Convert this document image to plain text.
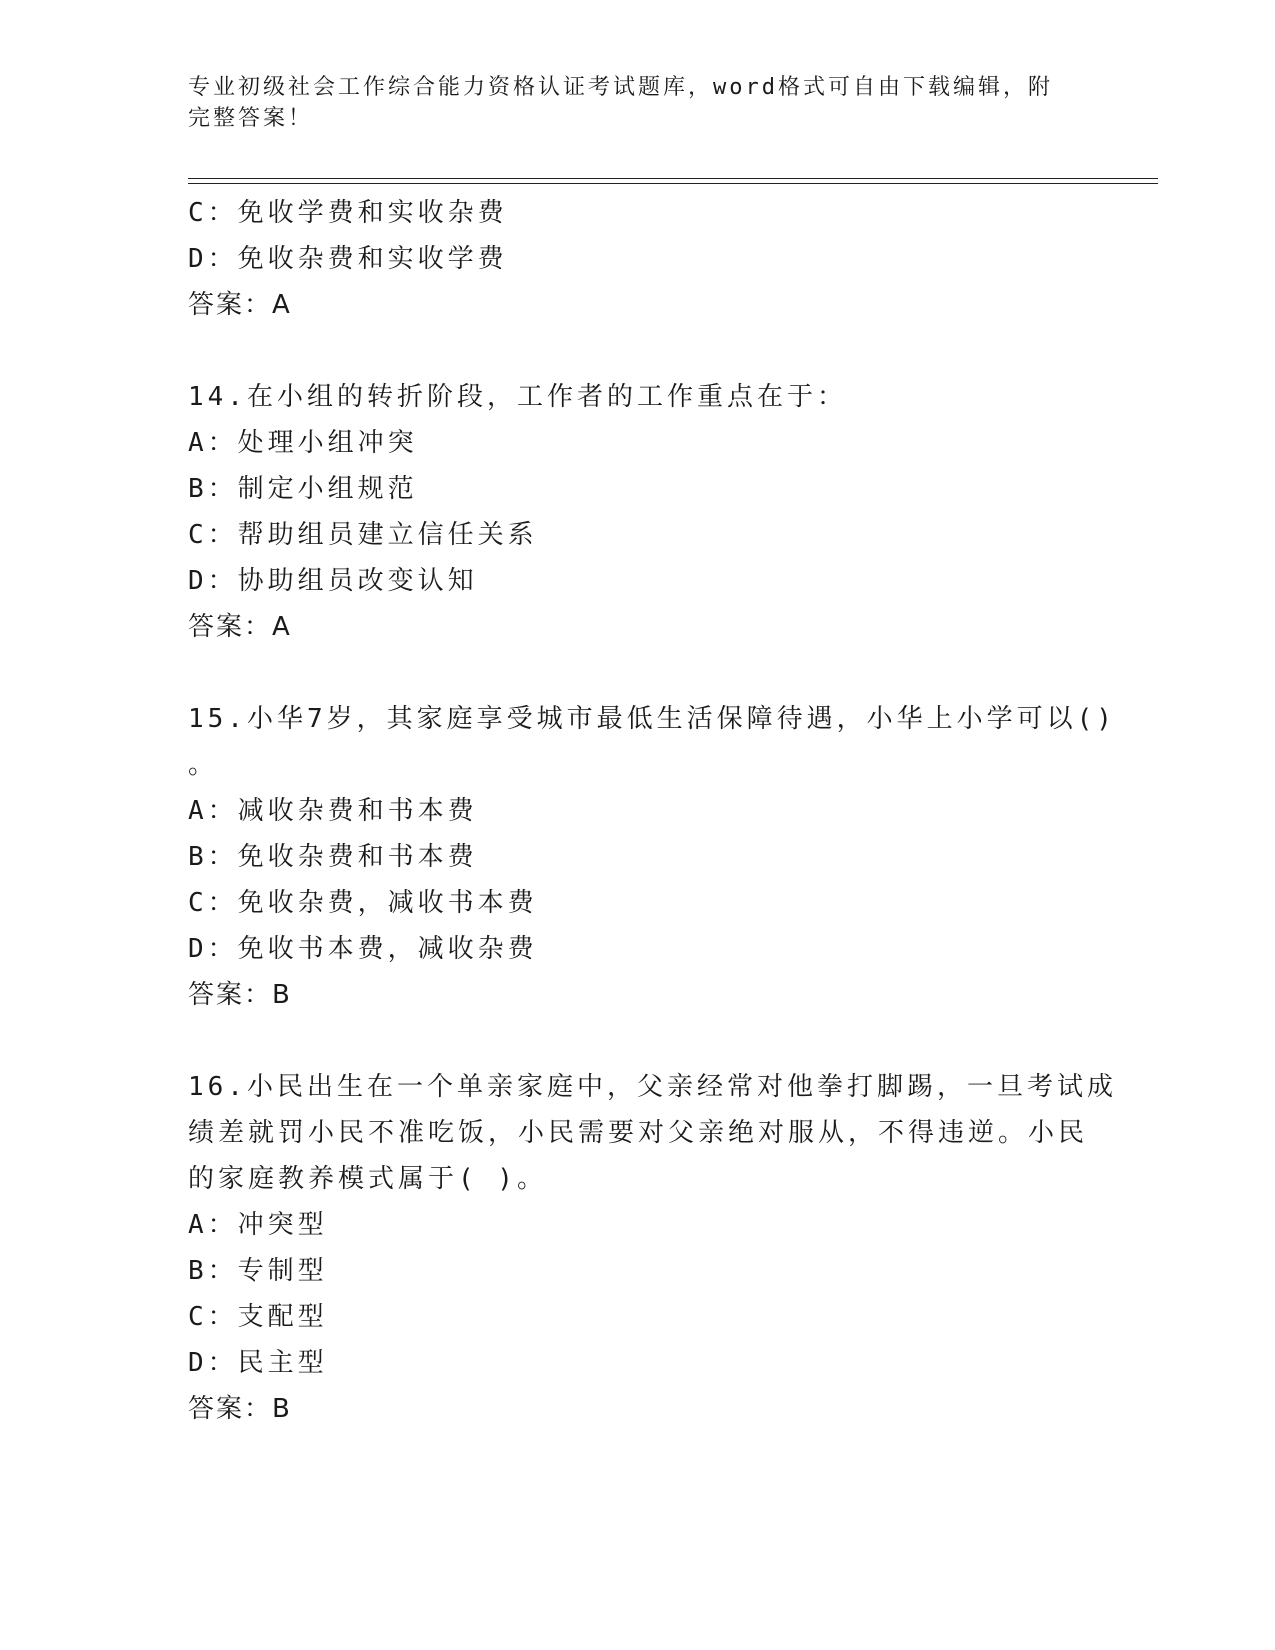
专业初级社会工作综合能力资格认证考试题库，word格式可自由下载编辑，附完整答案！
C：免收学费和实收杂费
D：免收杂费和实收学费
答案：A
14.在小组的转折阶段，工作者的工作重点在于：
A：处理小组冲突
B：制定小组规范
C：帮助组员建立信任关系
D：协助组员改变认知
答案：A
15.小华7岁，其家庭享受城市最低生活保障待遇，小华上小学可以()
。
A：减收杂费和书本费
B：免收杂费和书本费
C：免收杂费，减收书本费
D：免收书本费，减收杂费
答案：B
16.小民出生在一个单亲家庭中，父亲经常对他拳打脚踢，一旦考试成
绩差就罚小民不准吃饭，小民需要对父亲绝对服从，不得违逆。小民
的家庭教养模式属于( )。
A：冲突型
B：专制型
C：支配型
D：民主型
答案：B
